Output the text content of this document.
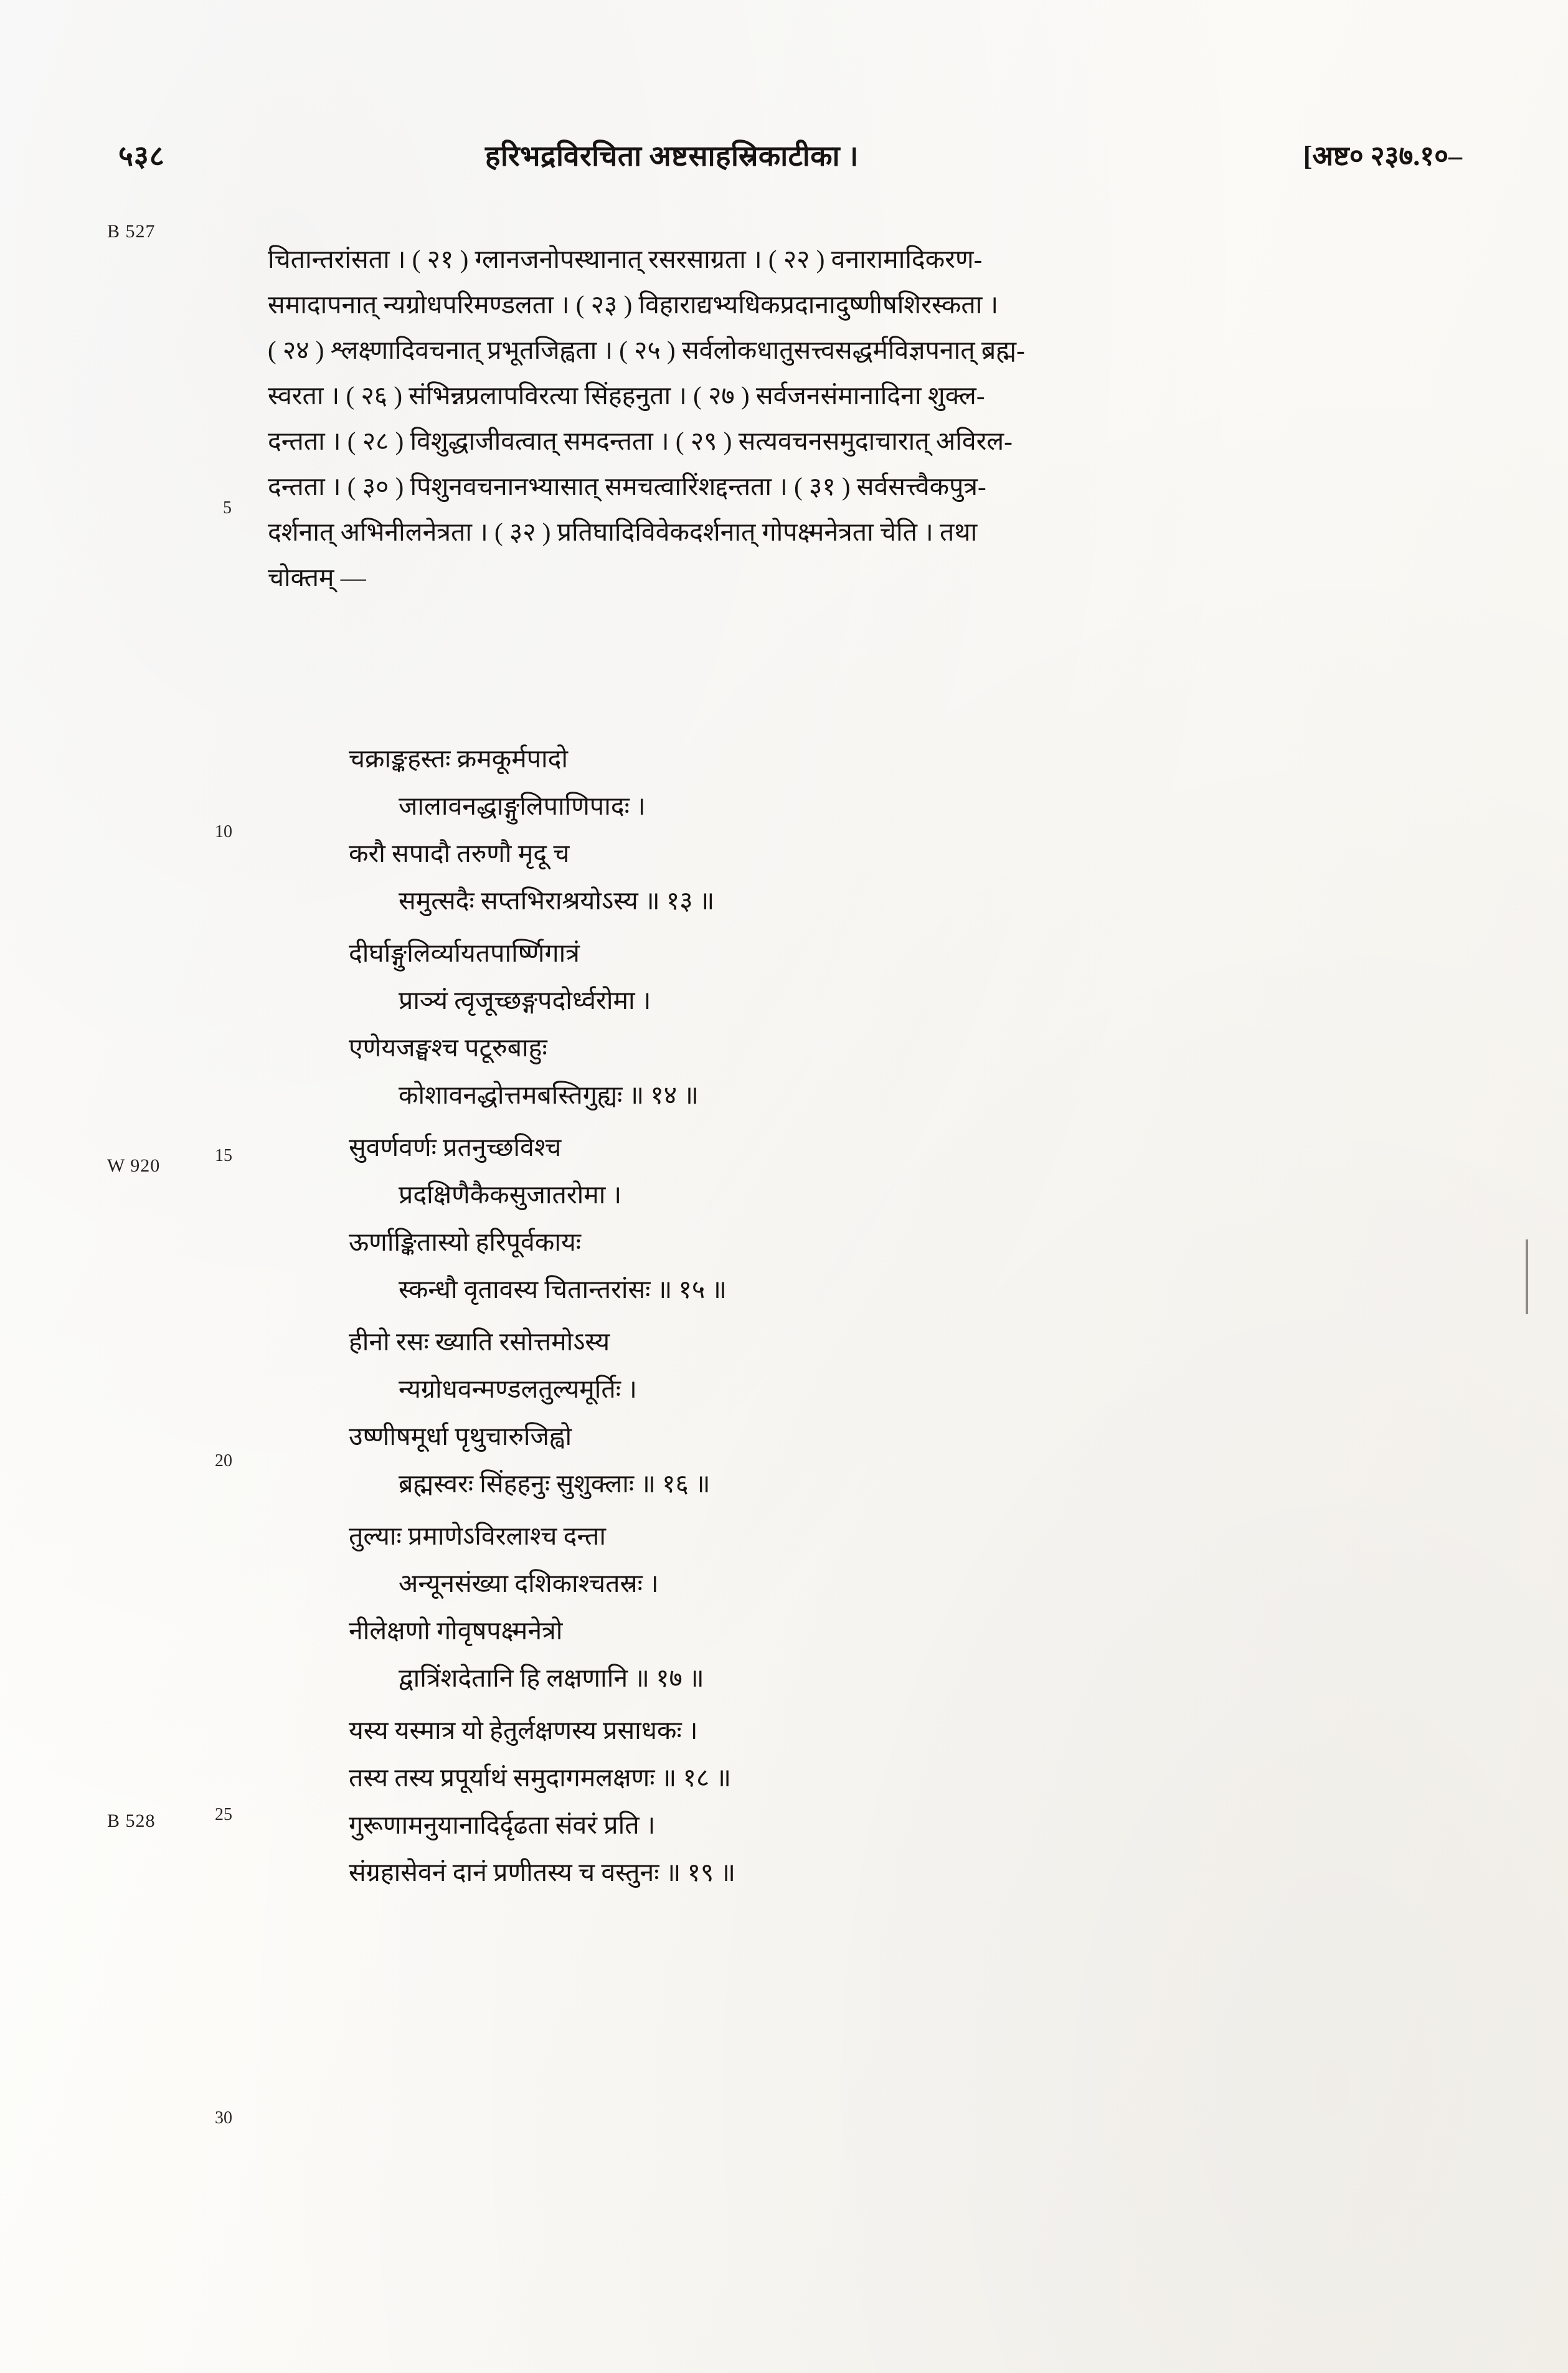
५३८	हरिभद्रविरचिता अष्टसाहस्रिकाटीका ।	[अष्ट० २३७.१०–
B 527
W 920
B 528
5
10
15
20
25
30

चितान्तरांसता । ( २१ ) ग्लानजनोपस्थानात् रसरसाग्रता । ( २२ ) वनारामादिकरण-
समादापनात् न्यग्रोधपरिमण्डलता । ( २३ ) विहाराद्यभ्यधिकप्रदानादुष्णीषशिरस्कता ।
( २४ ) श्लक्ष्णादिवचनात् प्रभूतजिह्वता । ( २५ ) सर्वलोकधातुसत्त्वसद्धर्मविज्ञपनात् ब्रह्म-
स्वरता । ( २६ ) संभिन्नप्रलापविरत्या सिंहहनुता । ( २७ ) सर्वजनसंमानादिना शुक्ल-
दन्तता । ( २८ ) विशुद्धाजीवत्वात् समदन्तता । ( २९ ) सत्यवचनसमुदाचारात् अविरल-
दन्तता । ( ३० ) पिशुनवचनानभ्यासात् समचत्वारिंशद्दन्तता । ( ३१ ) सर्वसत्त्वैकपुत्र-
दर्शनात् अभिनीलनेत्रता । ( ३२ ) प्रतिघादिविवेकदर्शनात् गोपक्ष्मनेत्रता चेति । तथा
चोक्तम् —

चक्राङ्कहस्तः क्रमकूर्मपादो
जालावनद्धाङ्गुलिपाणिपादः ।
करौ सपादौ तरुणौ मृदू च
समुत्सदैः सप्तभिराश्रयोऽस्य ॥ १३ ॥
दीर्घाङ्गुलिर्व्यायतपार्ष्णिगात्रं
प्राञ्यं त्वृजूच्छङ्गपदोर्ध्वरोमा ।
एणेयजङ्घश्च पटूरुबाहुः
कोशावनद्धोत्तमबस्तिगुह्यः ॥ १४ ॥
सुवर्णवर्णः प्रतनुच्छविश्च
प्रदक्षिणैकैकसुजातरोमा ।
ऊर्णाङ्कितास्यो हरिपूर्वकायः
स्कन्धौ वृतावस्य चितान्तरांसः ॥ १५ ॥
हीनो रसः ख्याति रसोत्तमोऽस्य
न्यग्रोधवन्मण्डलतुल्यमूर्तिः ।
उष्णीषमूर्धा पृथुचारुजिह्वो
ब्रह्मस्वरः सिंहहनुः सुशुक्लाः ॥ १६ ॥
तुल्याः प्रमाणेऽविरलाश्च दन्ता
अन्यूनसंख्या दशिकाश्चतस्रः ।
नीलेक्षणो गोवृषपक्ष्मनेत्रो
द्वात्रिंशदेतानि हि लक्षणानि ॥ १७ ॥
यस्य यस्मात्र यो हेतुर्लक्षणस्य प्रसाधकः ।
तस्य तस्य प्रपूर्याथं समुदागमलक्षणः ॥ १८ ॥
गुरूणामनुयानादिर्दृढता संवरं प्रति ।
संग्रहासेवनं दानं प्रणीतस्य च वस्तुनः ॥ १९ ॥
